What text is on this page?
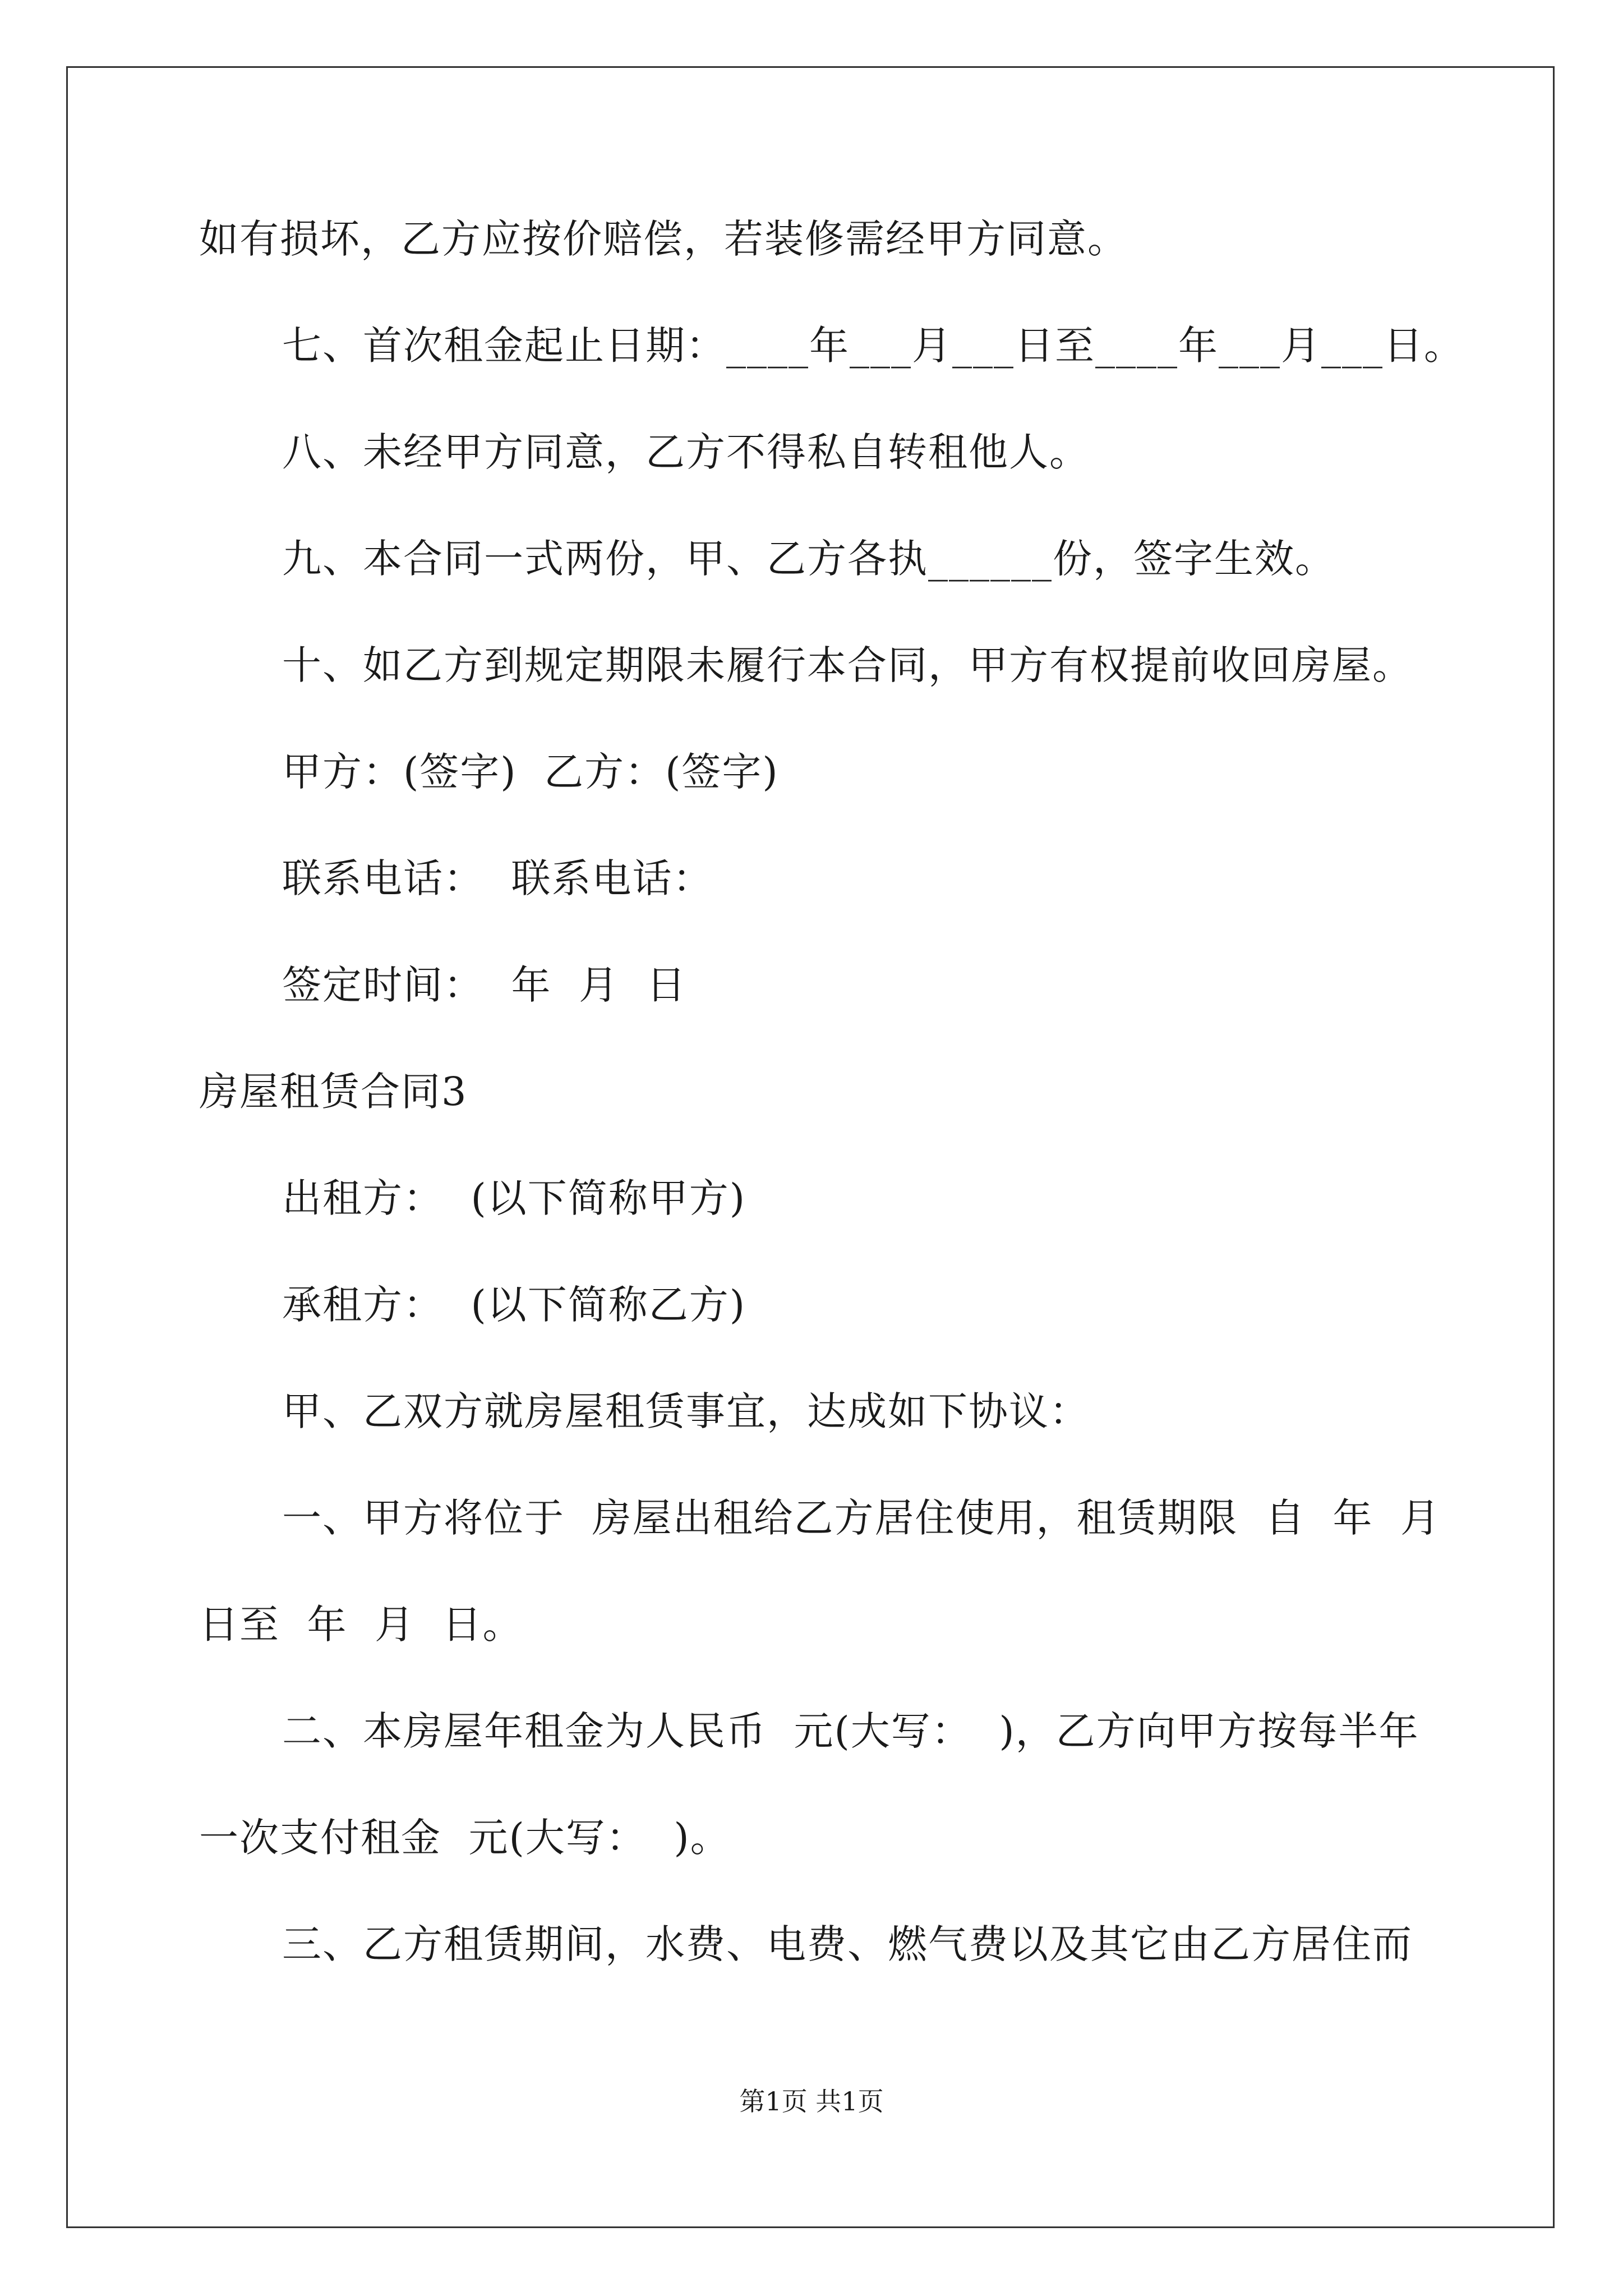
如有损坏，乙方应按价赔偿，若装修需经甲方同意。
七、首次租金起止日期：____年___月___日至____年___月___日。
八、未经甲方同意，乙方不得私自转租他人。
九、本合同一式两份，甲、乙方各执______份，签字生效。
十、如乙方到规定期限未履行本合同，甲方有权提前收回房屋。
甲方：(签字)  乙方：(签字)
联系电话：  联系电话：
签定时间：  年  月  日
房屋租赁合同3
出租方：  (以下简称甲方)
承租方：  (以下简称乙方)
甲、乙双方就房屋租赁事宜，达成如下协议：
一、甲方将位于  房屋出租给乙方居住使用，租赁期限  自  年  月
日至  年  月  日。
二、本房屋年租金为人民币  元(大写：  )，乙方向甲方按每半年
一次支付租金  元(大写：  )。
三、乙方租赁期间，水费、电费、燃气费以及其它由乙方居住而
第1页 共1页
